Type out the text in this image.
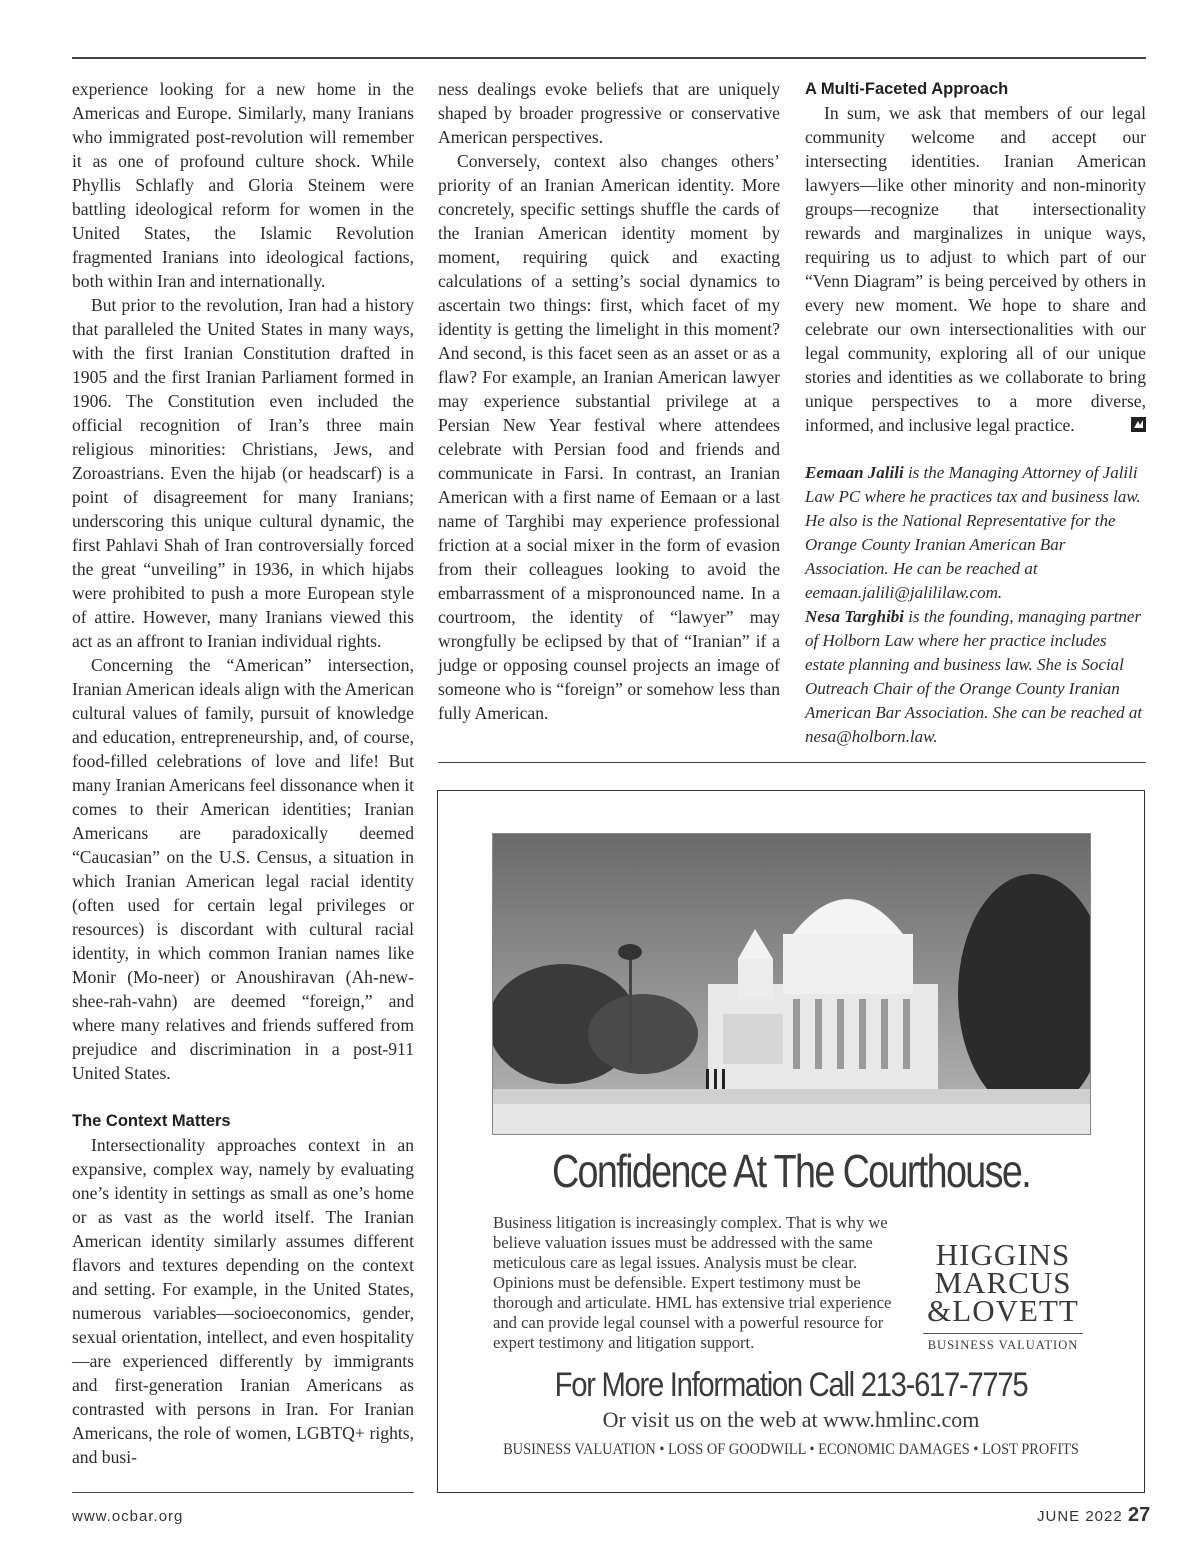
experience looking for a new home in the Americas and Europe. Similarly, many Iranians who immigrated post-revolution will remember it as one of profound culture shock. While Phyllis Schlafly and Gloria Steinem were battling ideological reform for women in the United States, the Islamic Revolution fragmented Iranians into ideological factions, both within Iran and internationally.

But prior to the revolution, Iran had a history that paralleled the United States in many ways, with the first Iranian Constitution drafted in 1905 and the first Iranian Parliament formed in 1906. The Constitution even included the official recognition of Iran’s three main religious minorities: Christians, Jews, and Zoroastrians. Even the hijab (or headscarf) is a point of disagreement for many Iranians; underscoring this unique cultural dynamic, the first Pahlavi Shah of Iran controversially forced the great “unveiling” in 1936, in which hijabs were prohibited to push a more European style of attire. However, many Iranians viewed this act as an affront to Iranian individual rights.

Concerning the “American” intersection, Iranian American ideals align with the American cultural values of family, pursuit of knowledge and education, entrepreneurship, and, of course, food-filled celebrations of love and life! But many Iranian Americans feel dissonance when it comes to their American identities; Iranian Americans are paradoxically deemed “Caucasian” on the U.S. Census, a situation in which Iranian American legal racial identity (often used for certain legal privileges or resources) is discordant with cultural racial identity, in which common Iranian names like Monir (Mo-neer) or Anoushiravan (Ah-new-shee-rah-vahn) are deemed “foreign,” and where many relatives and friends suffered from prejudice and discrimination in a post-911 United States.

The Context Matters

Intersectionality approaches context in an expansive, complex way, namely by evaluating one’s identity in settings as small as one’s home or as vast as the world itself. The Iranian American identity similarly assumes different flavors and textures depending on the context and setting. For example, in the United States, numerous variables—socioeconomics, gender, sexual orientation, intellect, and even hospitality—are experienced differently by immigrants and first-generation Iranian Americans as contrasted with persons in Iran. For Iranian Americans, the role of women, LGBTQ+ rights, and busi-

ness dealings evoke beliefs that are uniquely shaped by broader progressive or conservative American perspectives.

Conversely, context also changes others’ priority of an Iranian American identity. More concretely, specific settings shuffle the cards of the Iranian American identity moment by moment, requiring quick and exacting calculations of a setting’s social dynamics to ascertain two things: first, which facet of my identity is getting the limelight in this moment? And second, is this facet seen as an asset or as a flaw? For example, an Iranian American lawyer may experience substantial privilege at a Persian New Year festival where attendees celebrate with Persian food and friends and communicate in Farsi. In contrast, an Iranian American with a first name of Eemaan or a last name of Targhibi may experience professional friction at a social mixer in the form of evasion from their colleagues looking to avoid the embarrassment of a mispronounced name. In a courtroom, the identity of “lawyer” may wrongfully be eclipsed by that of “Iranian” if a judge or opposing counsel projects an image of someone who is “foreign” or somehow less than fully American.

A Multi-Faceted Approach

In sum, we ask that members of our legal community welcome and accept our intersecting identities. Iranian American lawyers—like other minority and non-minority groups—recognize that intersectionality rewards and marginalizes in unique ways, requiring us to adjust to which part of our “Venn Diagram” is being perceived by others in every new moment. We hope to share and celebrate our own intersectionalities with our legal community, exploring all of our unique stories and identities as we collaborate to bring unique perspectives to a more diverse, informed, and inclusive legal practice.

Eemaan Jalili is the Managing Attorney of Jalili Law PC where he practices tax and business law. He also is the National Representative for the Orange County Iranian American Bar Association. He can be reached at eemaan.jalili@jalililaw.com.

Nesa Targhibi is the founding, managing partner of Holborn Law where her practice includes estate planning and business law. She is Social Outreach Chair of the Orange County Iranian American Bar Association. She can be reached at nesa@holborn.law.

Confidence At The Courthouse.
Business litigation is increasingly complex. That is why we believe valuation issues must be addressed with the same meticulous care as legal issues. Analysis must be clear. Opinions must be defensible. Expert testimony must be thorough and articulate. HML has extensive trial experience and can provide legal counsel with a powerful resource for expert testimony and litigation support.
HIGGINS
MARCUS
&LOVETT
BUSINESS VALUATION
For More Information Call 213-617-7775
Or visit us on the web at www.hmlinc.com
BUSINESS VALUATION • LOSS OF GOODWILL • ECONOMIC DAMAGES • LOST PROFITS
www.ocbar.org	JUNE 2022 27
